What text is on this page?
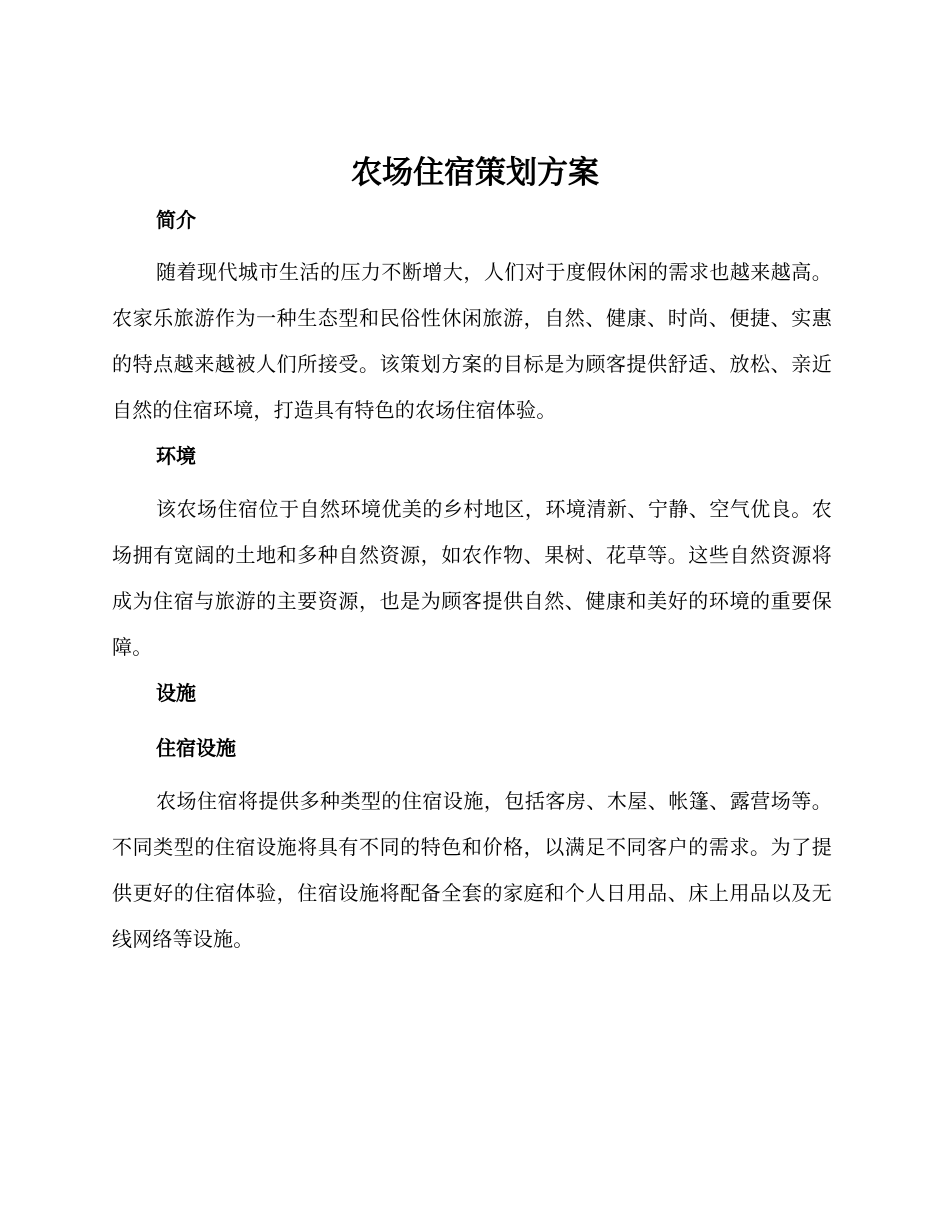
农场住宿策划方案
简介

随着现代城市生活的压力不断增大，人们对于度假休闲的需求也越来越高。农家乐旅游作为一种生态型和民俗性休闲旅游，自然、健康、时尚、便捷、实惠的特点越来越被人们所接受。该策划方案的目标是为顾客提供舒适、放松、亲近自然的住宿环境，打造具有特色的农场住宿体验。

环境

该农场住宿位于自然环境优美的乡村地区，环境清新、宁静、空气优良。农场拥有宽阔的土地和多种自然资源，如农作物、果树、花草等。这些自然资源将成为住宿与旅游的主要资源，也是为顾客提供自然、健康和美好的环境的重要保障。

设施
住宿设施

农场住宿将提供多种类型的住宿设施，包括客房、木屋、帐篷、露营场等。不同类型的住宿设施将具有不同的特色和价格，以满足不同客户的需求。为了提供更好的住宿体验，住宿设施将配备全套的家庭和个人日用品、床上用品以及无线网络等设施。
